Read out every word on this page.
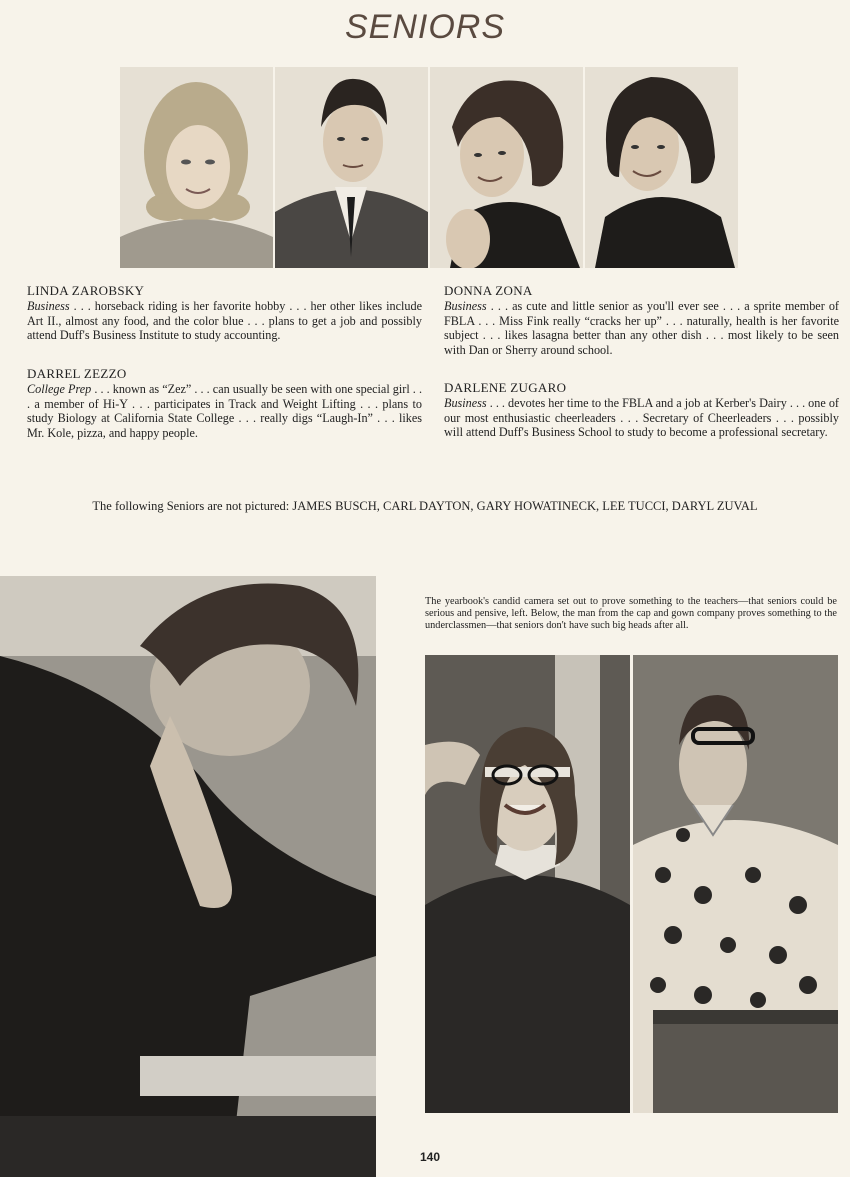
SENIORS
LINDA ZAROBSKY
Business . . . horseback riding is her favorite hobby . . . her other likes include Art II., almost any food, and the color blue . . . plans to get a job and possibly attend Duff's Business Institute to study accounting.
DARREL ZEZZO
College Prep . . . known as “Zez” . . . can usually be seen with one special girl . . . a member of Hi-Y . . . participates in Track and Weight Lifting . . . plans to study Biology at California State College . . . really digs “Laugh-In” . . . likes Mr. Kole, pizza, and happy people.
DONNA ZONA
Business . . . as cute and little senior as you'll ever see . . . a sprite member of FBLA . . . Miss Fink really “cracks her up” . . . naturally, health is her favorite subject . . . likes lasagna better than any other dish . . . most likely to be seen with Dan or Sherry around school.
DARLENE ZUGARO
Business . . . devotes her time to the FBLA and a job at Kerber's Dairy . . . one of our most enthusiastic cheerleaders . . . Secretary of Cheerleaders . . . possibly will attend Duff's Business School to study to become a professional secretary.
The following Seniors are not pictured: JAMES BUSCH, CARL DAYTON, GARY HOWATINECK, LEE TUCCI, DARYL ZUVAL
The yearbook's candid camera set out to prove something to the teachers—that seniors could be serious and pensive, left. Below, the man from the cap and gown company proves something to the underclassmen—that seniors don't have such big heads after all.
140
